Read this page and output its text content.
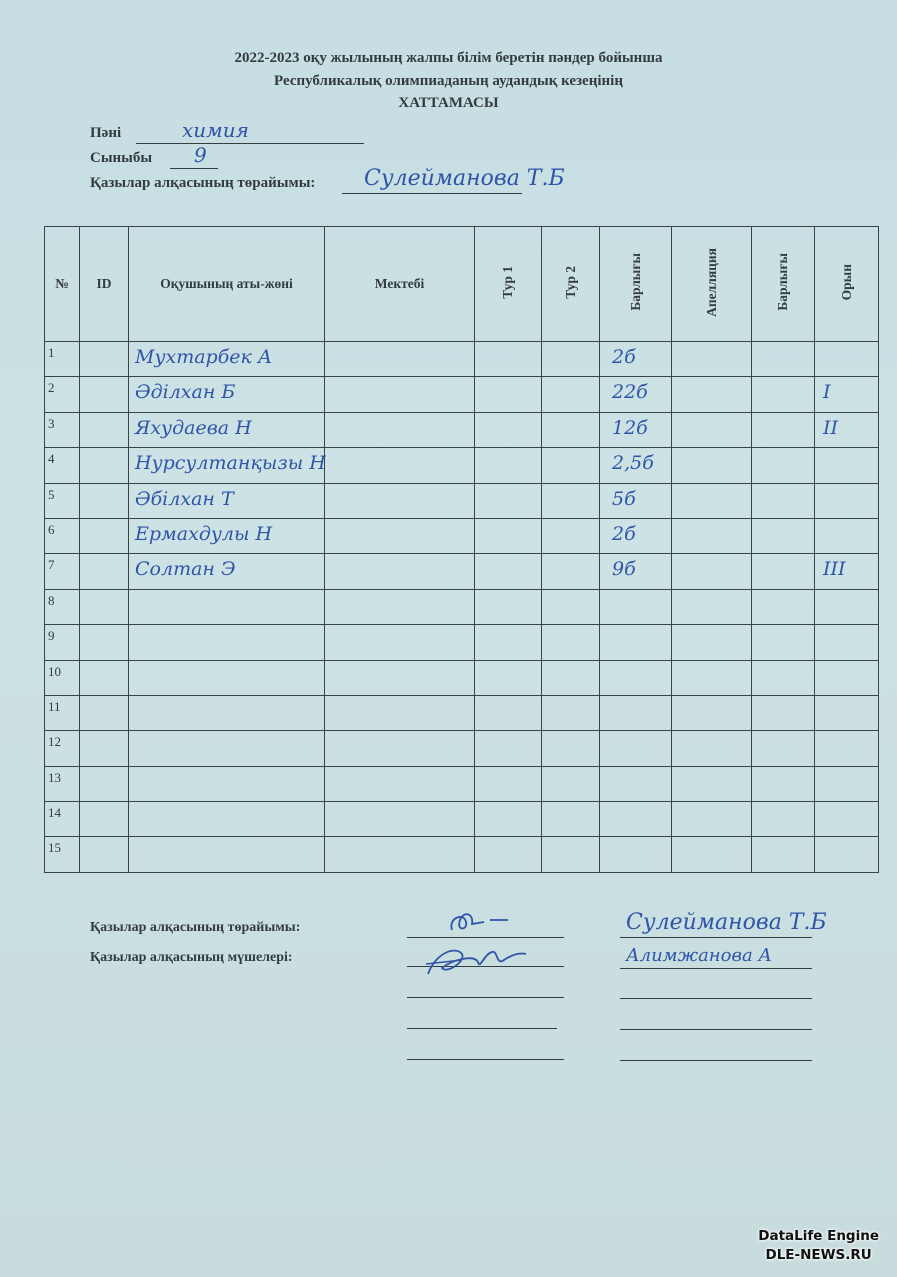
2022-2023 оқу жылының жалпы білім беретін пәндер бойынша
Республикалық олимпиаданың аудандық кезеңінің
ХАТТАМАСЫ
Пәні	химия
Сыныбы 9
Қазылар алқасының төрайымы: Сулейманова Т.Б
№	ID	Оқушының аты-жөні	Мектебі	Тур 1	Тур 2	Барлығы	Апелляция	Барлығы	Орын

1		Мухтарбек А				2б			

2		Әділхан Б				22б			I

3		Яхудаева Н				12б			II

4		Нурсултанқызы Н				2,5б			

5		Әбілхан Т				5б			

6		Ермахдулы Н				2б			

7		Солтан Э				9б			III

8									

9									

10									

11									

12									

13									

14									

15									

Қазылар алқасының төрайымы:
Қазылар алқасының мүшелері:
Сулейманова Т.Б
Алимжанова А
DataLife Engine
DLE-NEWS.RU
